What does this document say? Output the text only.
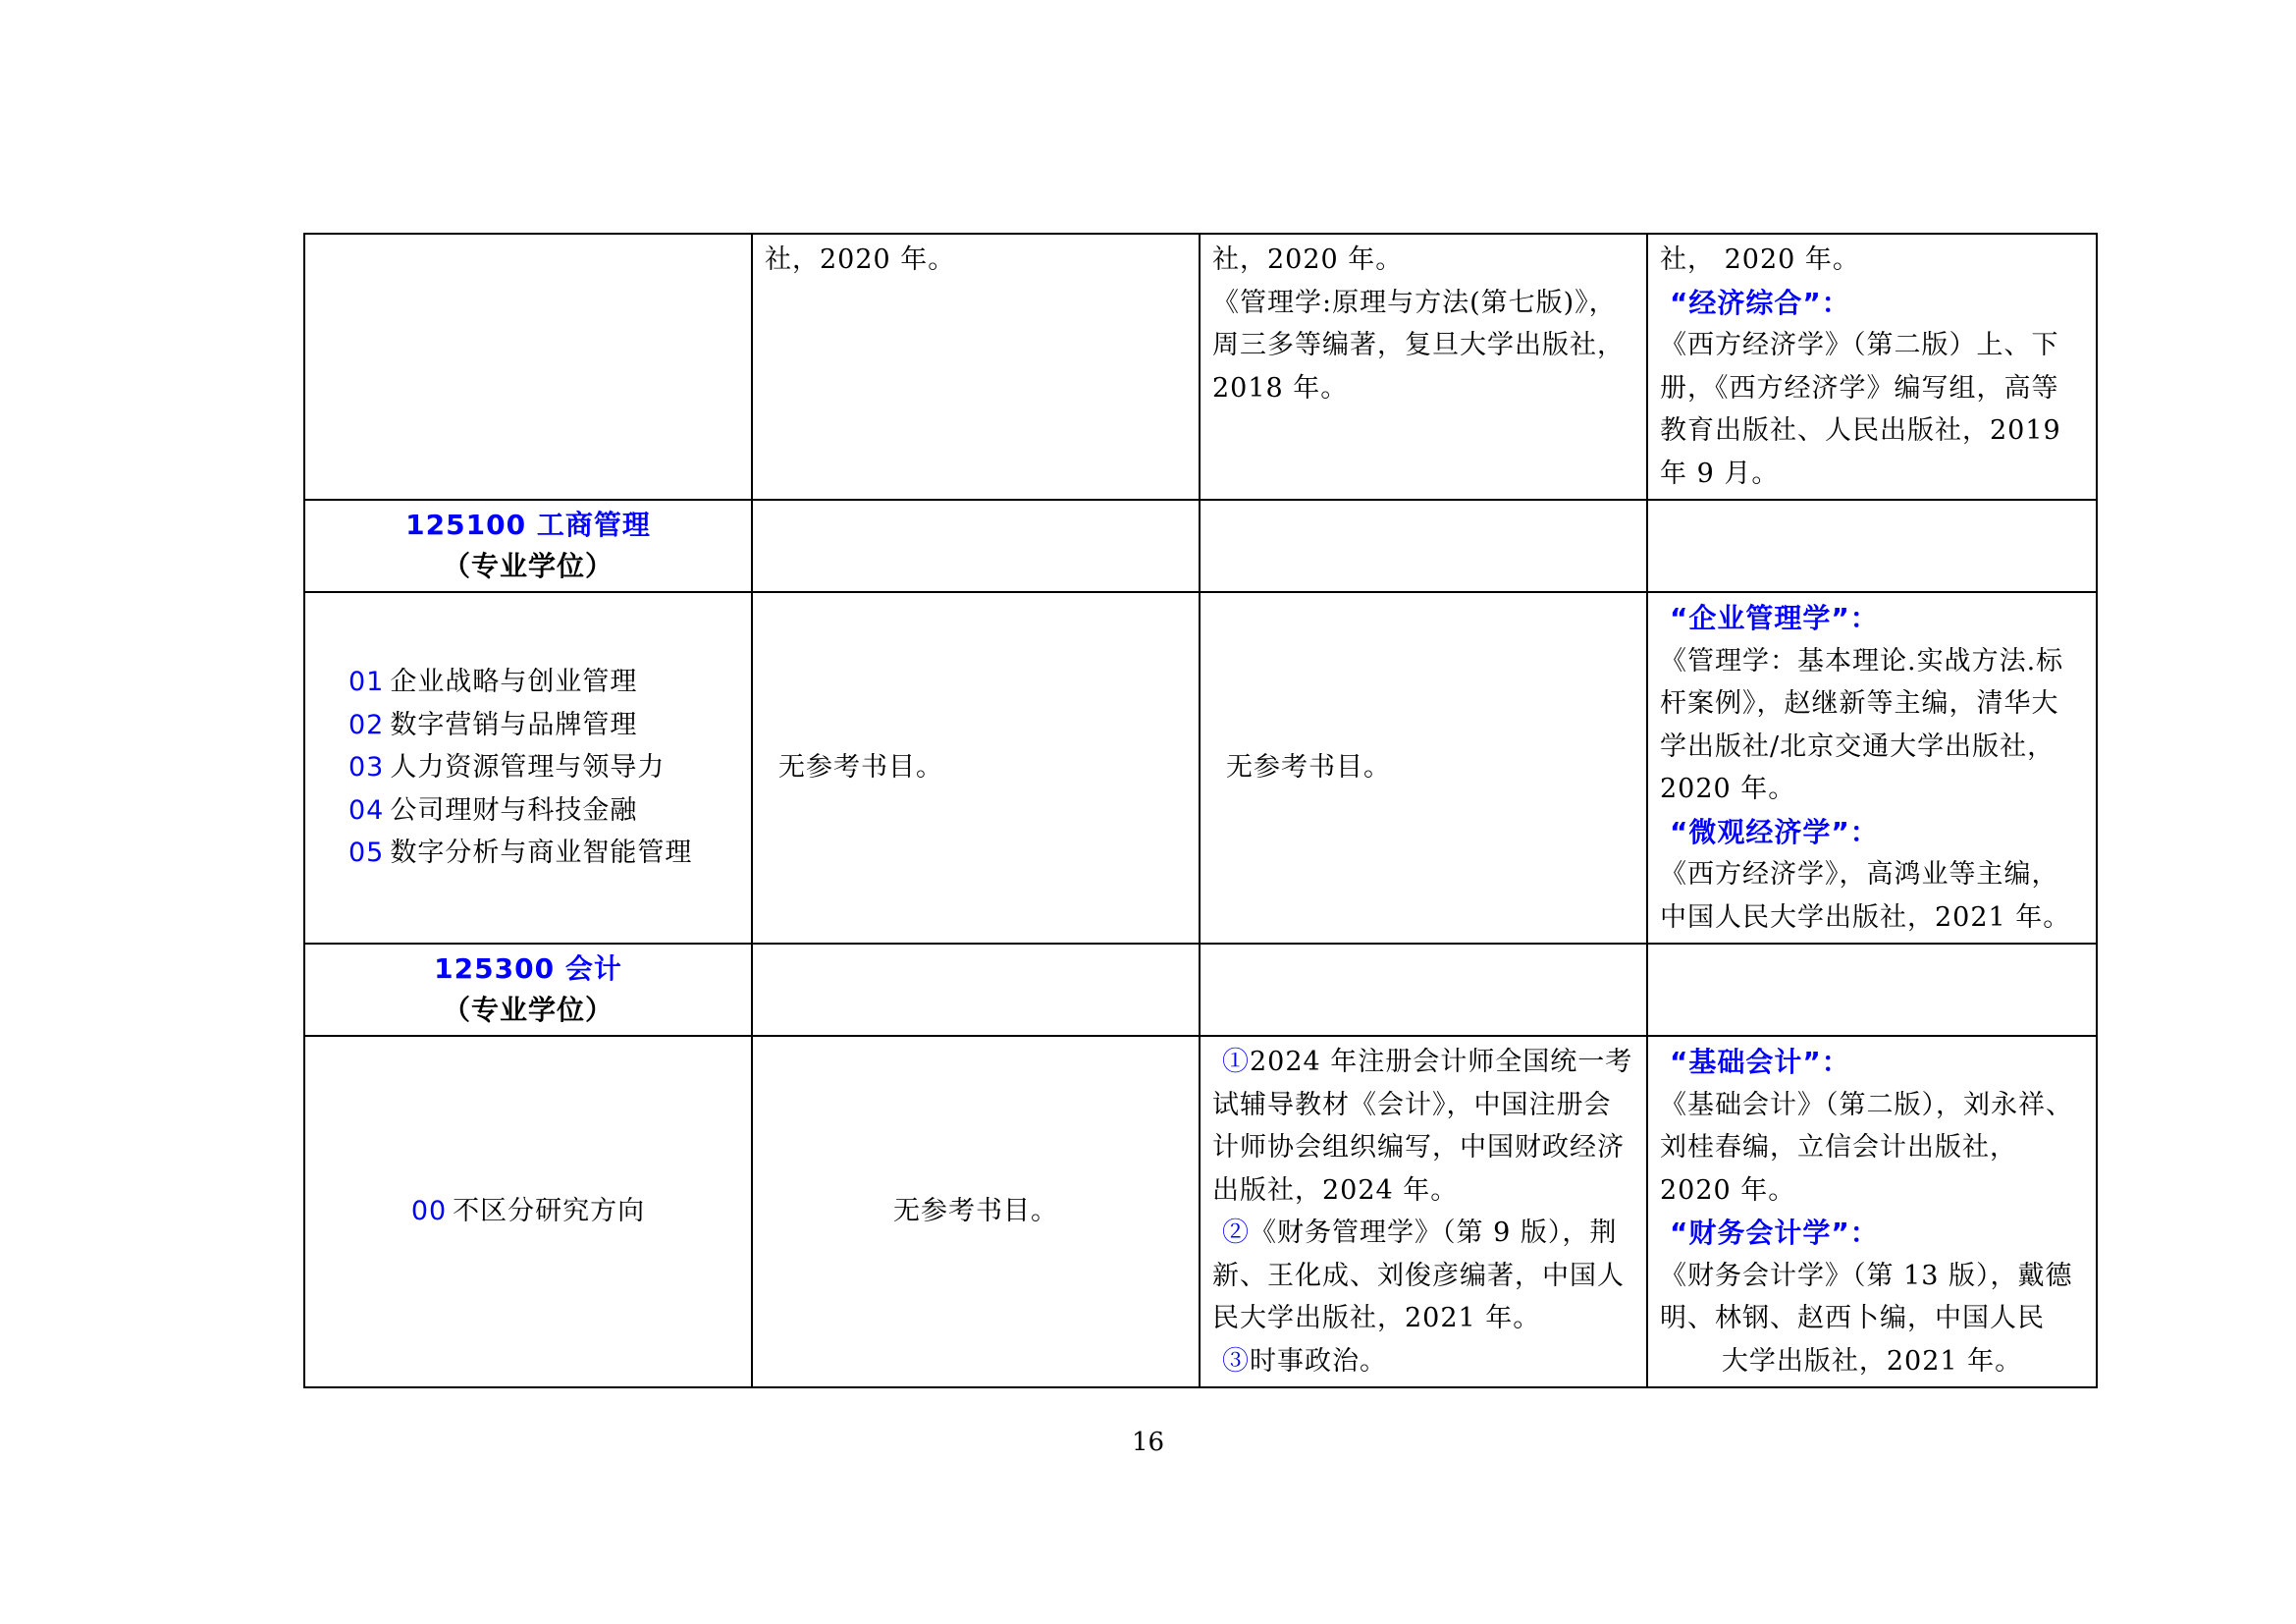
	社，2020 年。	社，2020 年。
《管理学:原理与方法(第七版)》，周三多等编著，复旦大学出版社，2018 年。	社， 2020 年。
“经济综合”：
《西方经济学》（第二版）上、下册，《西方经济学》编写组，高等教育出版社、人民出版社，2019 年 9 月。

125100 工商管理
（专业学位）			

01 企业战略与创业管理
02 数字营销与品牌管理
03 人力资源管理与领导力
04 公司理财与科技金融
05 数字分析与商业智能管理	无参考书目。	无参考书目。	“企业管理学”：
《管理学：基本理论.实战方法.标杆案例》，赵继新等主编，清华大学出版社/北京交通大学出版社，2020 年。
“微观经济学”：
《西方经济学》，高鸿业等主编，中国人民大学出版社，2021 年。

125300 会计
（专业学位）			

00 不区分研究方向	无参考书目。	①2024 年注册会计师全国统一考试辅导教材《会计》，中国注册会计师协会组织编写，中国财政经济出版社，2024 年。
②《财务管理学》（第 9 版），荆新、王化成、刘俊彦编著，中国人民大学出版社，2021 年。
③时事政治。	“基础会计”：
《基础会计》（第二版），刘永祥、刘桂春编，立信会计出版社，2020 年。
“财务会计学”：
《财务会计学》（第 13 版），戴德明、林钢、赵西卜编，中国人民
大学出版社，2021 年。
16
